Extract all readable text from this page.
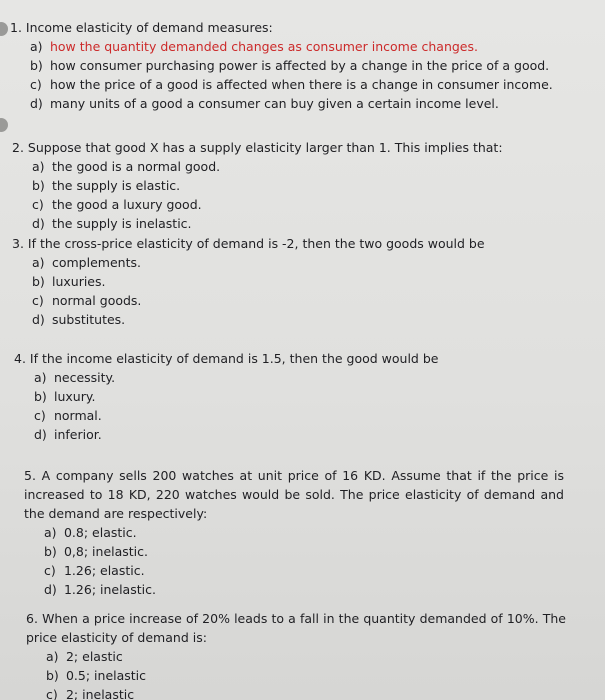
1. Income elasticity of demand measures:
a) how the quantity demanded changes as consumer income changes.
b) how consumer purchasing power is affected by a change in the price of a good.
c) how the price of a good is affected when there is a change in consumer income.
d) many units of a good a consumer can buy given a certain income level.
2. Suppose that good X has a supply elasticity larger than 1. This implies that:
a) the good is a normal good.
b) the supply is elastic.
c) the good a luxury good.
d) the supply is inelastic.
3. If the cross-price elasticity of demand is -2, then the two goods would be
a) complements.
b) luxuries.
c) normal goods.
d) substitutes.
4. If the income elasticity of demand is 1.5, then the good would be
a) necessity.
b) luxury.
c) normal.
d) inferior.
5. A company sells 200 watches at unit price of 16 KD. Assume that if the price is increased to 18 KD, 220 watches would be sold. The price elasticity of demand and the demand are respectively:
a) 0.8; elastic.
b) 0,8; inelastic.
c) 1.26; elastic.
d) 1.26; inelastic.
6. When a price increase of 20% leads to a fall in the quantity demanded of 10%. The price elasticity of demand is:
a) 2; elastic
b) 0.5; inelastic
c) 2; inelastic
